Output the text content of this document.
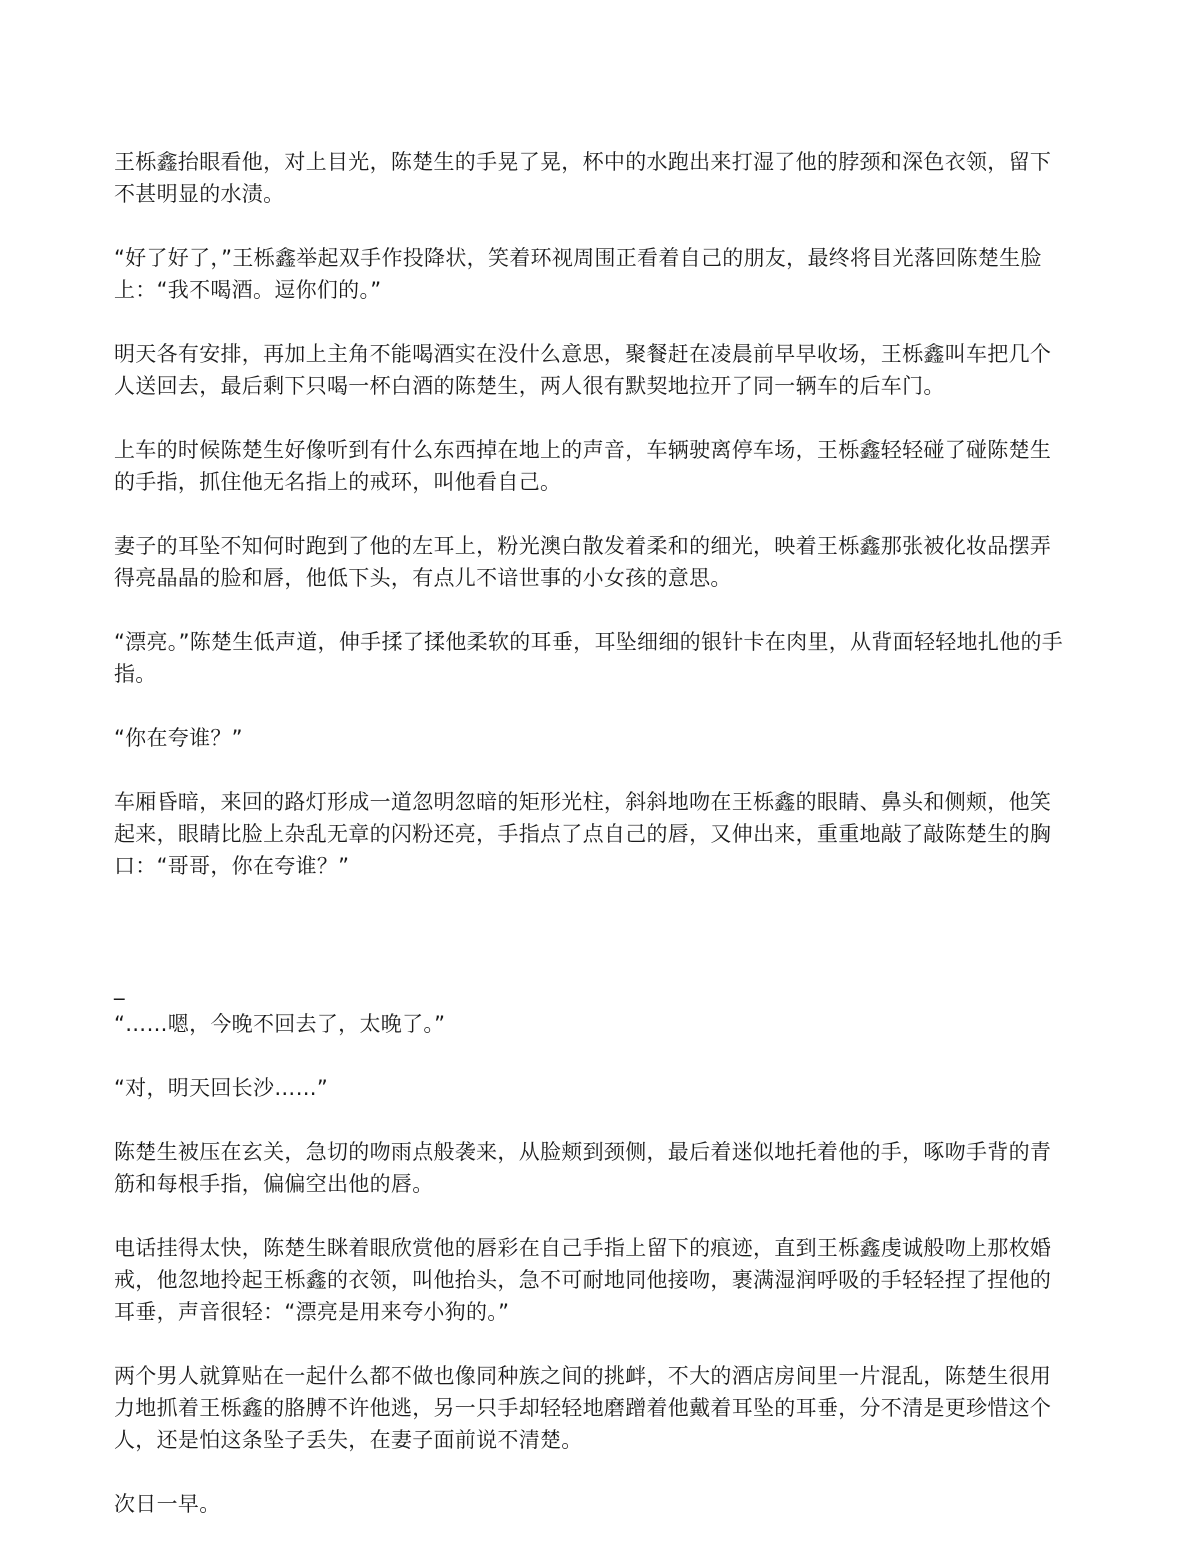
王栎鑫抬眼看他，对上目光，陈楚生的手晃了晃，杯中的水跑出来打湿了他的脖颈和深色衣领，留下不甚明显的水渍。

“好了好了，”王栎鑫举起双手作投降状，笑着环视周围正看着自己的朋友，最终将目光落回陈楚生脸上：“我不喝酒。逗你们的。”

明天各有安排，再加上主角不能喝酒实在没什么意思，聚餐赶在凌晨前早早收场，王栎鑫叫车把几个人送回去，最后剩下只喝一杯白酒的陈楚生，两人很有默契地拉开了同一辆车的后车门。

上车的时候陈楚生好像听到有什么东西掉在地上的声音，车辆驶离停车场，王栎鑫轻轻碰了碰陈楚生的手指，抓住他无名指上的戒环，叫他看自己。

妻子的耳坠不知何时跑到了他的左耳上，粉光澳白散发着柔和的细光，映着王栎鑫那张被化妆品摆弄得亮晶晶的脸和唇，他低下头，有点儿不谙世事的小女孩的意思。

“漂亮。”陈楚生低声道，伸手揉了揉他柔软的耳垂，耳坠细细的银针卡在肉里，从背面轻轻地扎他的手指。

“你在夸谁？”

车厢昏暗，来回的路灯形成一道忽明忽暗的矩形光柱，斜斜地吻在王栎鑫的眼睛、鼻头和侧颊，他笑起来，眼睛比脸上杂乱无章的闪粉还亮，手指点了点自己的唇，又伸出来，重重地敲了敲陈楚生的胸口：“哥哥，你在夸谁？”

_

“……嗯，今晚不回去了，太晚了。”

“对，明天回长沙……”

陈楚生被压在玄关，急切的吻雨点般袭来，从脸颊到颈侧，最后着迷似地托着他的手，啄吻手背的青筋和每根手指，偏偏空出他的唇。

电话挂得太快，陈楚生眯着眼欣赏他的唇彩在自己手指上留下的痕迹，直到王栎鑫虔诚般吻上那枚婚戒，他忽地拎起王栎鑫的衣领，叫他抬头，急不可耐地同他接吻，裹满湿润呼吸的手轻轻捏了捏他的耳垂，声音很轻：“漂亮是用来夸小狗的。”

两个男人就算贴在一起什么都不做也像同种族之间的挑衅，不大的酒店房间里一片混乱，陈楚生很用力地抓着王栎鑫的胳膊不许他逃，另一只手却轻轻地磨蹭着他戴着耳坠的耳垂，分不清是更珍惜这个人，还是怕这条坠子丢失，在妻子面前说不清楚。

次日一早。
